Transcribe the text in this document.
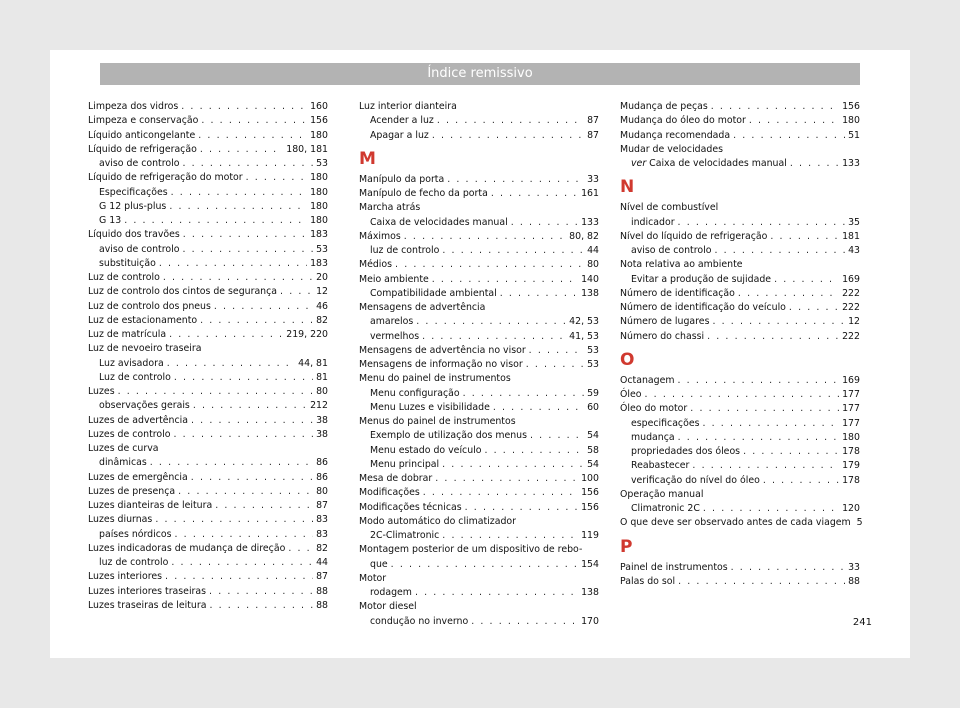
Índice remissivo
Limpeza dos vidros . . .	160
Limpeza e conservação . . .	156
Líquido anticongelante . . .	180
Líquido de refrigeração . . .	180, 181
aviso de controlo . . .	53
Líquido de refrigeração do motor . . .	180
Especificações . . .	180
G 12 plus-plus . . .	180
G 13 . . .	180
Líquido dos travões . . .	183
aviso de controlo . . .	53
substituição . . .	183
Luz de controlo . . .	20
Luz de controlo dos cintos de segurança . . .	12
Luz de controlo dos pneus . . .	46
Luz de estacionamento . . .	82
Luz de matrícula . . .	219, 220
Luz de nevoeiro traseira
Luz avisadora . . .	44, 81
Luz de controlo . . .	81
Luzes . . .	80
observações gerais . . .	212
Luzes de advertência . . .	38
Luzes de controlo . . .	38
Luzes de curva
dinâmicas . . .	86
Luzes de emergência . . .	86
Luzes de presença . . .	80
Luzes dianteiras de leitura . . .	87
Luzes diurnas . . .	83
países nórdicos . . .	83
Luzes indicadoras de mudança de direção . . .	82
luz de controlo . . .	44
Luzes interiores . . .	87
Luzes interiores traseiras . . .	88
Luzes traseiras de leitura . . .	88
Luz interior dianteira
Acender a luz . . .	87
Apagar a luz . . .	87
M
Manípulo da porta . . .	33
Manípulo de fecho da porta . . .	161
Marcha atrás
Caixa de velocidades manual . . .	133
Máximos . . .	80, 82
luz de controlo . . .	44
Médios . . .	80
Meio ambiente . . .	140
Compatibilidade ambiental . . .	138
Mensagens de advertência
amarelos . . .	42, 53
vermelhos . . .	41, 53
Mensagens de advertência no visor . . .	53
Mensagens de informação no visor . . .	53
Menu do painel de instrumentos
Menu configuração . . .	59
Menu Luzes e visibilidade . . .	60
Menus do painel de instrumentos
Exemplo de utilização dos menus . . .	54
Menu estado do veículo . . .	58
Menu principal . . .	54
Mesa de dobrar . . .	100
Modificações . . .	156
Modificações técnicas . . .	156
Modo automático do climatizador
2C-Climatronic . . .	119
Montagem posterior de um dispositivo de rebo-
que . . .	154
Motor
rodagem . . .	138
Motor diesel
condução no inverno . . .	170
Mudança de peças . . .	156
Mudança do óleo do motor . . .	180
Mudança recomendada . . .	51
Mudar de velocidades
ver Caixa de velocidades manual . . .	133
N
Nível de combustível
indicador . . .	35
Nível do líquido de refrigeração . . .	181
aviso de controlo . . .	43
Nota relativa ao ambiente
Evitar a produção de sujidade . . .	169
Número de identificação . . .	222
Número de identificação do veículo . . .	222
Número de lugares . . .	12
Número do chassi . . .	222
O
Octanagem . . .	169
Óleo . . .	177
Óleo do motor . . .	177
especificações . . .	177
mudança . . .	180
propriedades dos óleos . . .	178
Reabastecer . . .	179
verificação do nível do óleo . . .	178
Operação manual
Climatronic 2C . . .	120
O que deve ser observado antes de cada viagem 5
P
Painel de instrumentos . . .	33
Palas do sol . . .	88
241
